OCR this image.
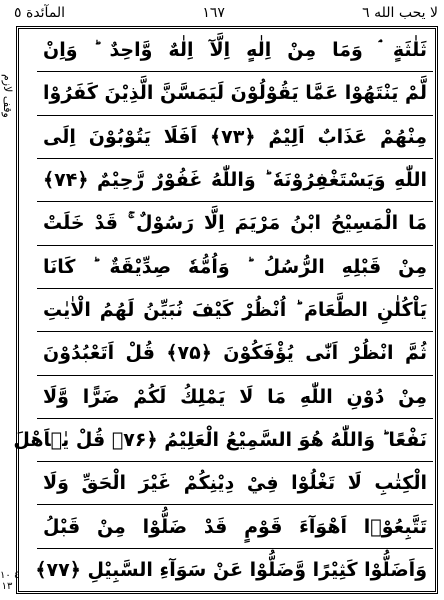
المآئدة ٥	١٦٧	لا يحب الله ٦
وقف لازم
٤ ١٠
١٣
ثَلٰثَةٍ ۘ وَمَا مِنْ اِلٰهٍ اِلَّآ اِلٰهٌ وَّاحِدٌ ؕ وَاِنْ
لَّمْ يَنْتَهُوْا عَمَّا يَقُوْلُوْنَ لَيَمَسَّنَّ الَّذِيْنَ كَفَرُوْا
مِنْهُمْ عَذَابٌ اَلِيْمٌ ﴿۷۳﴾ اَفَلَا يَتُوْبُوْنَ اِلَى
اللّٰهِ وَيَسْتَغْفِرُوْنَهٗ ؕ وَاللّٰهُ غَفُوْرٌ رَّحِيْمٌ ﴿۷۴﴾
مَا الْمَسِيْحُ ابْنُ مَرْيَمَ اِلَّا رَسُوْلٌ ۚ قَدْ خَلَتْ
مِنْ قَبْلِهِ الرُّسُلُ ؕ وَاُمُّهٗ صِدِّيْقَةٌ ؕ كَانَا
يَاْكُلٰنِ الطَّعَامَ ؕ اُنْظُرْ كَيْفَ نُبَيِّنُ لَهُمُ الْاٰيٰتِ
ثُمَّ انْظُرْ اَنّٰى يُؤْفَكُوْنَ ﴿۷۵﴾ قُلْ اَتَعْبُدُوْنَ
مِنْ دُوْنِ اللّٰهِ مَا لَا يَمْلِكُ لَكُمْ ضَرًّا وَّلَا
نَفْعًا ؕ وَاللّٰهُ هُوَ السَّمِيْعُ الْعَلِيْمُ ﴿۷۶﴾ قُلْ يٰۤاَهْلَ
الْكِتٰبِ لَا تَغْلُوْا فِيْ دِيْنِكُمْ غَيْرَ الْحَقِّ وَلَا
تَتَّبِعُوْۤا اَهْوَآءَ قَوْمٍ قَدْ ضَلُّوْا مِنْ قَبْلُ
وَاَضَلُّوْا كَثِيْرًا وَّضَلُّوْا عَنْ سَوَآءِ السَّبِيْلِ ﴿۷۷﴾
